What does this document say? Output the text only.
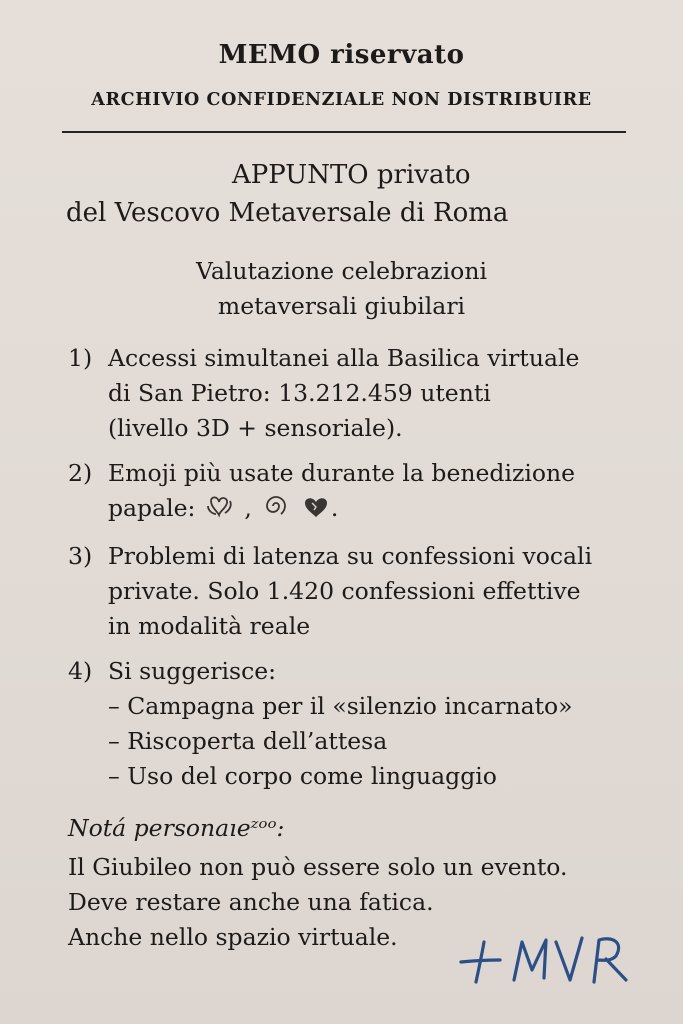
MEMO riservato
ARCHIVIO CONFIDENZIALE NON DISTRIBUIRE
APPUNTO privato
del Vescovo Metaversale di Roma
Valutazione celebrazioni
metaversali giubilari
1) Accessi simultanei alla Basilica virtuale
di San Pietro: 13.212.459 utenti
(livello 3D + sensoriale).
2) Emoji più usate durante la benedizione
papale: ,	.
3) Problemi di latenza su confessioni vocali
private. Solo 1.420 confessioni effettive
in modalità reale
4) Si suggerisce:
– Campagna per il «silenzio incarnato»
– Riscoperta dell’attesa
– Uso del corpo come linguaggio
Notá personaıeᶻᵒᵒ:
Il Giubileo non può essere solo un evento.
Deve restare anche una fatica.
Anche nello spazio virtuale.
